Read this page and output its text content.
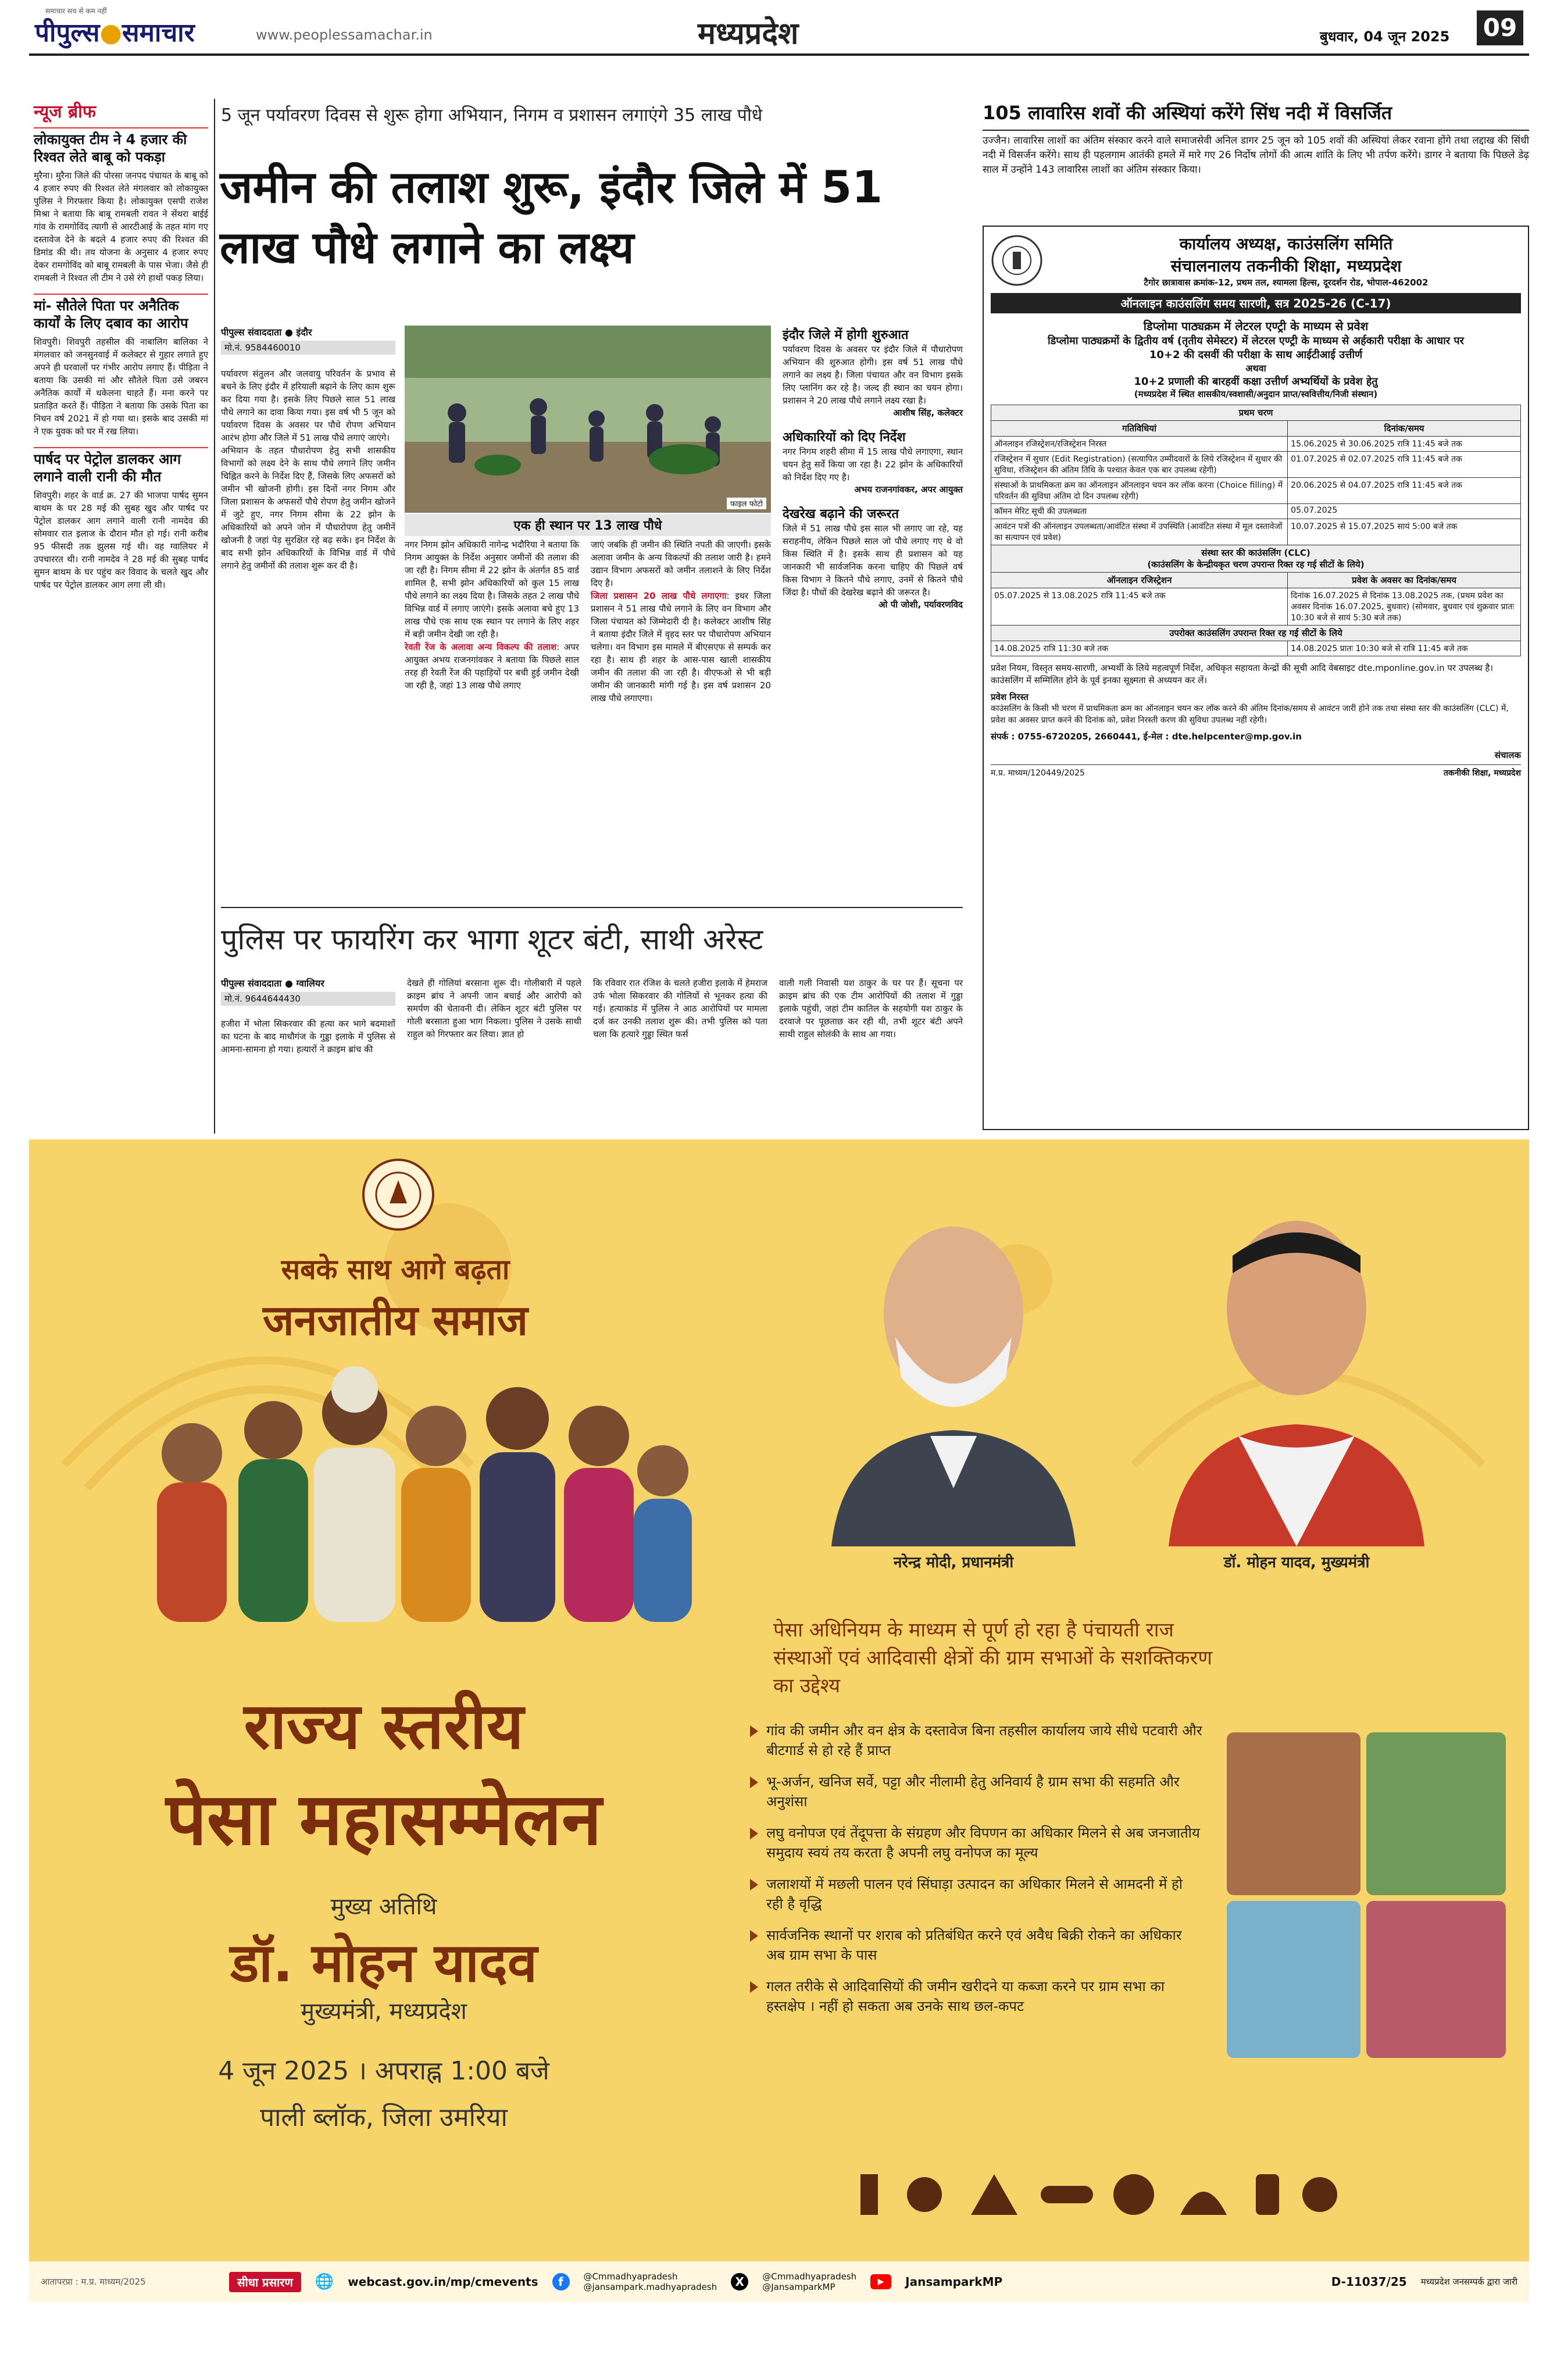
समाचार सच से कम नहीं
पीपुल्स●समाचार	www.peoplessamachar.in	मध्यप्रदेश	बुधवार, 04 जून 2025 09
न्यूज ब्रीफ
लोकायुक्त टीम ने 4 हजार की रिश्वत लेते बाबू को पकड़ा
मुरैना। मुरैना जिले की पोरसा जनपद पंचायत के बाबू को 4 हजार रुपए की रिश्वत लेते मंगलवार को लोकायुक्त पुलिस ने गिरफ्तार किया है। लोकायुक्त एसपी राजेश मिश्रा ने बताया कि बाबू रामबली रावत ने सेंथरा बाईई गांव के रामगोविंद त्यागी से आरटीआई के तहत मांग गए दस्तावेज देने के बदले 4 हजार रुपए की रिश्वत की डिमांड की थी। तय योजना के अनुसार 4 हजार रुपए देकर रामगोविंद को बाबू रामबली के पास भेजा। जैसे ही रामबली ने रिश्वत ली टीम ने उसे रंगे हाथों पकड़ लिया।
मां- सौतेले पिता पर अनैतिक कार्यों के लिए दबाव का आरोप
शिवपुरी। शिवपुरी तहसील की नाबालिग बालिका ने मंगलवार को जनसुनवाई में कलेक्टर से गुहार लगाते हुए अपने ही घरवालों पर गंभीर आरोप लगाए हैं। पीड़िता ने बताया कि उसकी मां और सौतेले पिता उसे जबरन अनैतिक कार्यों में धकेलना चाहते हैं। मना करने पर प्रताड़ित करते हैं। पीड़िता ने बताया कि उसके पिता का निधन वर्ष 2021 में हो गया था। इसके बाद उसकी मां ने एक युवक को घर में रख लिया।
पार्षद पर पेट्रोल डालकर आग लगाने वाली रानी की मौत
शिवपुरी। शहर के वार्ड क्र. 27 की भाजपा पार्षद सुमन बाथम के घर 28 मई की सुबह खुद और पार्षद पर पेट्रोल डालकर आग लगाने वाली रानी नामदेव की सोमवार रात इलाज के दौरान मौत हो गई। रानी करीब 95 फीसदी तक झुलस गई थी। वह ग्वालियर में उपचाररत थी। रानी नामदेव ने 28 मई की सुबह पार्षद सुमन बाथम के घर पहुंच कर विवाद के चलते खुद और पार्षद पर पेट्रोल डालकर आग लगा ली थी।
5 जून पर्यावरण दिवस से शुरू होगा अभियान, निगम व प्रशासन लगाएंगे 35 लाख पौधे
जमीन की तलाश शुरू, इंदौर जिले में 51 लाख पौधे लगाने का लक्ष्य
पीपुल्स संवाददाता ● इंदौर
मो.नं. 9584460010
पर्यावरण संतुलन और जलवायु परिवर्तन के प्रभाव से बचने के लिए इंदौर में हरियाली बढ़ाने के लिए काम शुरू कर दिया गया है। इसके लिए पिछले साल 51 लाख पौधे लगाने का दावा किया गया। इस वर्ष भी 5 जून को पर्यावरण दिवस के अवसर पर पौधे रोपण अभियान आरंभ होगा और जिले में 51 लाख पौधे लगाएं जाएंगे।
अभियान के तहत पौधारोपण हेतु सभी शासकीय विभागों को लक्ष्य देने के साथ पौधे लगाने लिए जमीन चिह्नित करने के निर्देश दिए हैं, जिसके लिए अफसरों को जमीन भी खोजनी होगी। इस दिनों नगर निगम और जिला प्रशासन के अफसरों पौधे रोपण हेतु जमीन खोजने में जुटे हुए, नगर निगम सीमा के 22 झोन के अधिकारियों को अपने जोन में पौधारोपण हेतु जमीनें खोजनी है जहां पेड़ सुरक्षित रहे बढ़ सके। इन निर्देश के बाद सभी झोन अधिकारियों के विभिन्न वार्ड में पौधे लगाने हेतु जमीनों की तलाश शुरू कर दी है।
फाइल फोटो
एक ही स्थान पर 13 लाख पौधे
नगर निगम झोन अधिकारी नागेन्द्र भदौरिया ने बताया कि निगम आयुक्त के निर्देश अनुसार जमीनों की तलाश की जा रही है। निगम सीमा में 22 झोन के अंतर्गत 85 वार्ड शामिल है, सभी झोन अधिकारियों को कुल 15 लाख पौधे लगाने का लक्ष्य दिया है। जिसके तहत 2 लाख पौधे विभिन्न वार्ड में लगाए जाएंगे। इसके अलावा बचे हुए 13 लाख पौधे एक साथ एक स्थान पर लगाने के लिए शहर में बड़ी जमीन देखी जा रही है।
रेवती रेंज के अलावा अन्य विकल्प की तलाश: अपर आयुक्त अभय राजनगांवकर ने बताया कि पिछले साल तरह ही रेवती रेंज की पहाड़ियों पर बची हुई जमीन देखी जा रही है, जहां 13 लाख पौधे लगाए
जाएं जबकि ही जमीन की स्थिति नपती की जाएगी। इसके अलावा जमीन के अन्य विकल्पों की तलाश जारी है। हमने उद्यान विभाग अफसरों को जमीन तलाशने के लिए निर्देश दिए है।
जिला प्रशासन 20 लाख पौधे लगाएगा: इधर जिला प्रशासन ने 51 लाख पौधे लगाने के लिए वन विभाग और जिला पंचायत को जिम्मेदारी दी है। कलेक्टर आशीष सिंह ने बताया इंदौर जिले में वृहद स्तर पर पौधारोपण अभियान चलेगा। वन विभाग इस मामले में बीएसएफ से सम्पर्क कर रहा है। साथ ही शहर के आस-पास खाली शासकीय जमीन की तलाश की जा रही है। वीएफओ से भी बड़ी जमीन की जानकारी मांगी गई है। इस वर्ष प्रशासन 20 लाख पौधे लगाएगा।
इंदौर जिले में होगी शुरुआत
पर्यावरण दिवस के अवसर पर इंदौर जिले में पौधारोपण अभियान की शुरुआत होगी। इस वर्ष 51 लाख पौधे लगाने का लक्ष्य है। जिला पंचायत और वन विभाग इसके लिए प्लानिंग कर रहे है। जल्द ही स्थान का चयन होगा। प्रशासन ने 20 लाख पौधे लगाने लक्ष्य रखा है।
आशीष सिंह, कलेक्टर
अधिकारियों को दिए निर्देश
नगर निगम शहरी सीमा में 15 लाख पौधे लगाएगा, स्थान चयन हेतु सर्वे किया जा रहा है। 22 झोन के अधिकारियों को निर्देश दिए गए है।
अभय राजनगांवकर, अपर आयुक्त
देखरेख बढ़ाने की जरूरत
जिले में 51 लाख पौधे इस साल भी लगाए जा रहे, यह सराहनीय, लेकिन पिछले साल जो पौधे लगाए गए थे वो किस स्थिति में है। इसके साथ ही प्रशासन को यह जानकारी भी सार्वजनिक करना चाहिए की पिछले वर्ष किस विभाग ने कितने पौधे लगाए, उनमें से कितने पौधे जिंदा है। पौधों की देखरेख बढ़ाने की जरूरत है।
ओ पी जोशी, पर्यावरणविद
पुलिस पर फायरिंग कर भागा शूटर बंटी, साथी अरेस्ट
पीपुल्स संवाददाता ● ग्वालियर
मो.नं. 9644644430
हजीरा में भोला सिकरवार की हत्या कर भागे बदमाशों का घटना के बाद माधौगंज के गुड्डा इलाके में पुलिस से आमना-सामना हो गया। हत्यारों ने क्राइम ब्रांच की
देखते ही गोलियां बरसाना शुरू दी। गोलीबारी में पहले क्राइम ब्रांच ने अपनी जान बचाई और आरोपी को समर्पण की चेतावनी दी। लेकिन शूटर बंटी पुलिस पर गोली बरसाता हुआ भाग निकला। पुलिस ने उसके साथी राहुल को गिरफ्तार कर लिया। ज्ञात हो
कि रविवार रात रंजिश के चलते हजीरा इलाके में हेमराज उर्फ भोला सिकरवार की गोलियों से भूनकर हत्या की गई। हत्याकांड में पुलिस ने आठ आरोपियों पर मामला दर्ज कर उनकी तलाश शुरू की। तभी पुलिस को पता चला कि हत्यारे गुड्डा स्थित फर्स
वाली गली निवासी यश ठाकुर के घर पर हैं। सूचना पर क्राइम ब्रांच की एक टीम आरोपियों की तलाश में गुड्डा इलाके पहुंची, जहां टीम कातिल के सहयोगी यश ठाकुर के दरवाजे पर पूछताछ कर रही थी, तभी शूटर बंटी अपने साथी राहुल सोलंकी के साथ आ गया।
105 लावारिस शवों की अस्थियां करेंगे सिंध नदी में विसर्जित
उज्जैन। लावारिस लाशों का अंतिम संस्कार करने वाले समाजसेवी अनिल डागर 25 जून को 105 शवों की अस्थियां लेकर रवाना होंगे तथा लद्दाख की सिंधी नदी में विसर्जन करेंगे। साथ ही पहलगाम आतंकी हमले में मारे गए 26 निर्दोष लोगों की आत्म शांति के लिए भी तर्पण करेंगे। डागर ने बताया कि पिछले डेढ़ साल में उन्होंने 143 लावारिस लाशों का अंतिम संस्कार किया।
कार्यालय अध्यक्ष, काउंसलिंग समिति
संचालनालय तकनीकी शिक्षा, मध्यप्रदेश
टैगोर छात्रावास क्रमांक-12, प्रथम तल, श्यामला हिल्स, दूरदर्शन रोड, भोपाल-462002
ऑनलाइन काउंसलिंग समय सारणी, सत्र 2025-26 (C-17)
डिप्लोमा पाठ्यक्रम में लेटरल एण्ट्री के माध्यम से प्रवेश
डिप्लोमा पाठ्यक्रमों के द्वितीय वर्ष (तृतीय सेमेस्टर) में लेटरल एण्ट्री के माध्यम से अर्हकारी परीक्षा के आधार पर
10+2 की दसवीं की परीक्षा के साथ आईटीआई उत्तीर्ण
अथवा
10+2 प्रणाली की बारहवीं कक्षा उत्तीर्ण अभ्यर्थियों के प्रवेश हेतु
(मध्यप्रदेश में स्थित शासकीय/स्वशासी/अनुदान प्राप्त/स्ववित्तीय/निजी संस्थान)
प्रथम चरण	
गतिविधियां	दिनांक/समय
ऑनलाइन रजिस्ट्रेशन/रजिस्ट्रेशन निरस्त	15.06.2025 से 30.06.2025 रात्रि 11:45 बजे तक
रजिस्ट्रेशन में सुधार (Edit Registration) (सत्यापित उम्मीदवारों के लिये रजिस्ट्रेशन में सुधार की सुविधा, रजिस्ट्रेशन की अंतिम तिथि के पश्चात केवल एक बार उपलब्ध रहेगी)	01.07.2025 से 02.07.2025 रात्रि 11:45 बजे तक
संस्थाओं के प्राथमिकता क्रम का ऑनलाइन ऑनलाइन चयन कर लॉक करना (Choice filling) में परिवर्तन की सुविधा अंतिम दो दिन उपलब्ध रहेगी)	20.06.2025 से 04.07.2025 रात्रि 11:45 बजे तक
कॉमन मेरिट सूची की उपलब्धता	05.07.2025
आवंटन पत्रों की ऑनलाइन उपलब्धता/आवंटित संस्था में उपस्थिति (आवंटित संस्था में मूल दस्तावेजों का सत्यापन एवं प्रवेश)	10.07.2025 से 15.07.2025 सायं 5:00 बजे तक

संस्था स्तर की काउंसलिंग (CLC)
(काउंसलिंग के केन्द्रीयकृत चरण उपरान्त रिक्त रह गई सीटों के लिये)	

ऑनलाइन रजिस्ट्रेशन	प्रवेश के अवसर का दिनांक/समय
05.07.2025 से 13.08.2025 रात्रि 11:45 बजे तक	दिनांक 16.07.2025 से दिनांक 13.08.2025 तक, (प्रथम प्रवेश का अवसर दिनांक 16.07.2025, बुधवार) (सोमवार, बुधवार एवं शुक्रवार प्रातः 10:30 बजे से सायं 5:30 बजे तक)
उपरोक्त काउंसलिंग उपरान्त रिक्त रह गई सीटों के लिये	
14.08.2025 रात्रि 11:30 बजे तक	14.08.2025 प्रातः 10:30 बजे से रात्रि 11:45 बजे तक
प्रवेश नियम, विस्तृत समय-सारणी, अभ्यर्थी के लिये महत्वपूर्ण निर्देश, अधिकृत सहायता केन्द्रों की सूची आदि वेबसाइट dte.mponline.gov.in पर उपलब्ध है। काउंसलिंग में सम्मिलित होने के पूर्व इनका सूक्ष्मता से अध्ययन कर लें।
प्रवेश निरस्त
काउंसलिंग के किसी भी चरण में प्राथमिकता क्रम का ऑनलाइन चयन कर लॉक करने की अंतिम दिनांक/समय से आवंटन जारी होने तक तथा संस्था स्तर की काउंसलिंग (CLC) में, प्रवेश का अवसर प्राप्त करने की दिनांक को, प्रवेश निरस्ती करण की सुविधा उपलब्ध नहीं रहेगी।
संपर्क : 0755-6720205, 2660441, ई-मेल : dte.helpcenter@mp.gov.in
संचालक
म.प्र. माध्यम/120449/2025	तकनीकी शिक्षा, मध्यप्रदेश
सबके साथ आगे बढ़ता
जनजातीय समाज
नरेन्द्र मोदी, प्रधानमंत्री	डॉ. मोहन यादव, मुख्यमंत्री
राज्य स्तरीय
पेसा महासम्मेलन
मुख्य अतिथि
डॉ. मोहन यादव
मुख्यमंत्री, मध्यप्रदेश
4 जून 2025 । अपराह्न 1:00 बजे
पाली ब्लॉक, जिला उमरिया
पेसा अधिनियम के माध्यम से पूर्ण हो रहा है पंचायती राज संस्थाओं एवं आदिवासी क्षेत्रों की ग्राम सभाओं के सशक्तिकरण का उद्देश्य
गांव की जमीन और वन क्षेत्र के दस्तावेज बिना तहसील कार्यालय जाये सीधे पटवारी और बीटगार्ड से हो रहे हैं प्राप्त
भू-अर्जन, खनिज सर्वे, पट्टा और नीलामी हेतु अनिवार्य है ग्राम सभा की सहमति और अनुशंसा
लघु वनोपज एवं तेंदूपत्ता के संग्रहण और विपणन का अधिकार मिलने से अब जनजातीय समुदाय स्वयं तय करता है अपनी लघु वनोपज का मूल्य
जलाशयों में मछली पालन एवं सिंघाड़ा उत्पादन का अधिकार मिलने से आमदनी में हो रही है वृद्धि
सार्वजनिक स्थानों पर शराब को प्रतिबंधित करने एवं अवैध बिक्री रोकने का अधिकार अब ग्राम सभा के पास
गलत तरीके से आदिवासियों की जमीन खरीदने या कब्जा करने पर ग्राम सभा का हस्तक्षेप । नहीं हो सकता अब उनके साथ छल-कपट
आतापरप्रा : म.प्र. माध्यम/2025	सीधा प्रसारण	🌐 webcast.gov.in/mp/cmevents	f	@Cmmadhyapradesh
@jansampark.madhyapradesh	X	@Cmmadhyapradesh
@JansamparkMP	▶	JansamparkMP	D-11037/25 मध्यप्रदेश जनसम्पर्क द्वारा जारी
